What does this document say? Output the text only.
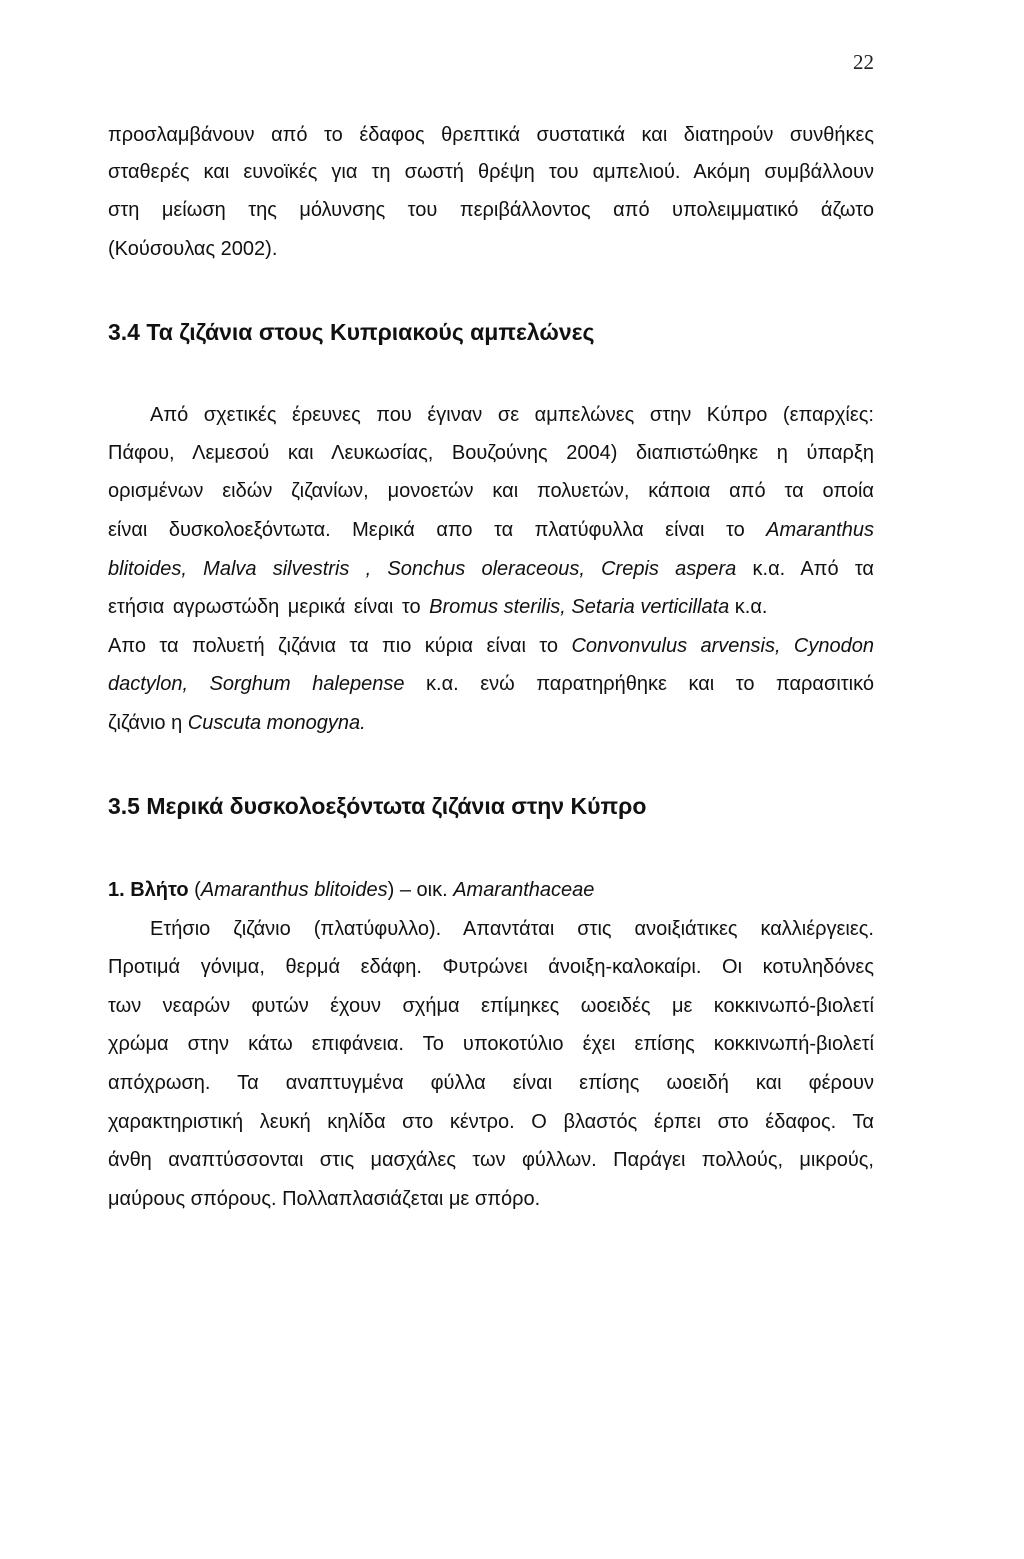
22
προσλαμβάνουν από το έδαφος θρεπτικά συστατικά και διατηρούν συνθήκες
σταθερές και ευνοϊκές για τη σωστή θρέψη του αμπελιού. Ακόμη συμβάλλουν
στη μείωση της μόλυνσης του περιβάλλοντος από υπολειμματικό άζωτο
(Κούσουλας 2002).
3.4 Τα ζιζάνια στους Κυπριακούς αμπελώνες
Από σχετικές έρευνες που έγιναν σε αμπελώνες στην Κύπρο (επαρχίες:
Πάφου, Λεμεσού και Λευκωσίας, Βουζούνης 2004) διαπιστώθηκε η ύπαρξη
ορισμένων ειδών ζιζανίων, μονοετών και πολυετών, κάποια από τα οποία
είναι δυσκολοεξόντωτα. Μερικά απο τα πλατύφυλλα είναι το Amaranthus
blitoides, Malva silvestris , Sonchus oleraceous, Crepis aspera κ.α. Από τα
ετήσια αγρωστώδη μερικά είναι το Bromus sterilis, Setaria verticillata κ.α.
Απο τα πολυετή ζιζάνια τα πιο κύρια είναι το Convonvulus arvensis, Cynodon
dactylon, Sorghum halepense κ.α. ενώ παρατηρήθηκε και το παρασιτικό
ζιζάνιο η Cuscuta monogyna.
3.5 Μερικά δυσκολοεξόντωτα ζιζάνια στην Κύπρο
1. Βλήτο (Amaranthus blitoides) – οικ. Amaranthaceae
Ετήσιο ζιζάνιο (πλατύφυλλο). Απαντάται στις ανοιξιάτικες καλλιέργειες.
Προτιμά γόνιμα, θερμά εδάφη. Φυτρώνει άνοιξη-καλοκαίρι. Οι κοτυληδόνες
των νεαρών φυτών έχουν σχήμα επίμηκες ωοειδές με κοκκινωπό-βιολετί
χρώμα στην κάτω επιφάνεια. Το υποκοτύλιο έχει επίσης κοκκινωπή-βιολετί
απόχρωση. Τα αναπτυγμένα φύλλα είναι επίσης ωοειδή και φέρουν
χαρακτηριστική λευκή κηλίδα στο κέντρο. Ο βλαστός έρπει στο έδαφος. Τα
άνθη αναπτύσσονται στις μασχάλες των φύλλων. Παράγει πολλούς, μικρούς,
μαύρους σπόρους. Πολλαπλασιάζεται με σπόρο.
